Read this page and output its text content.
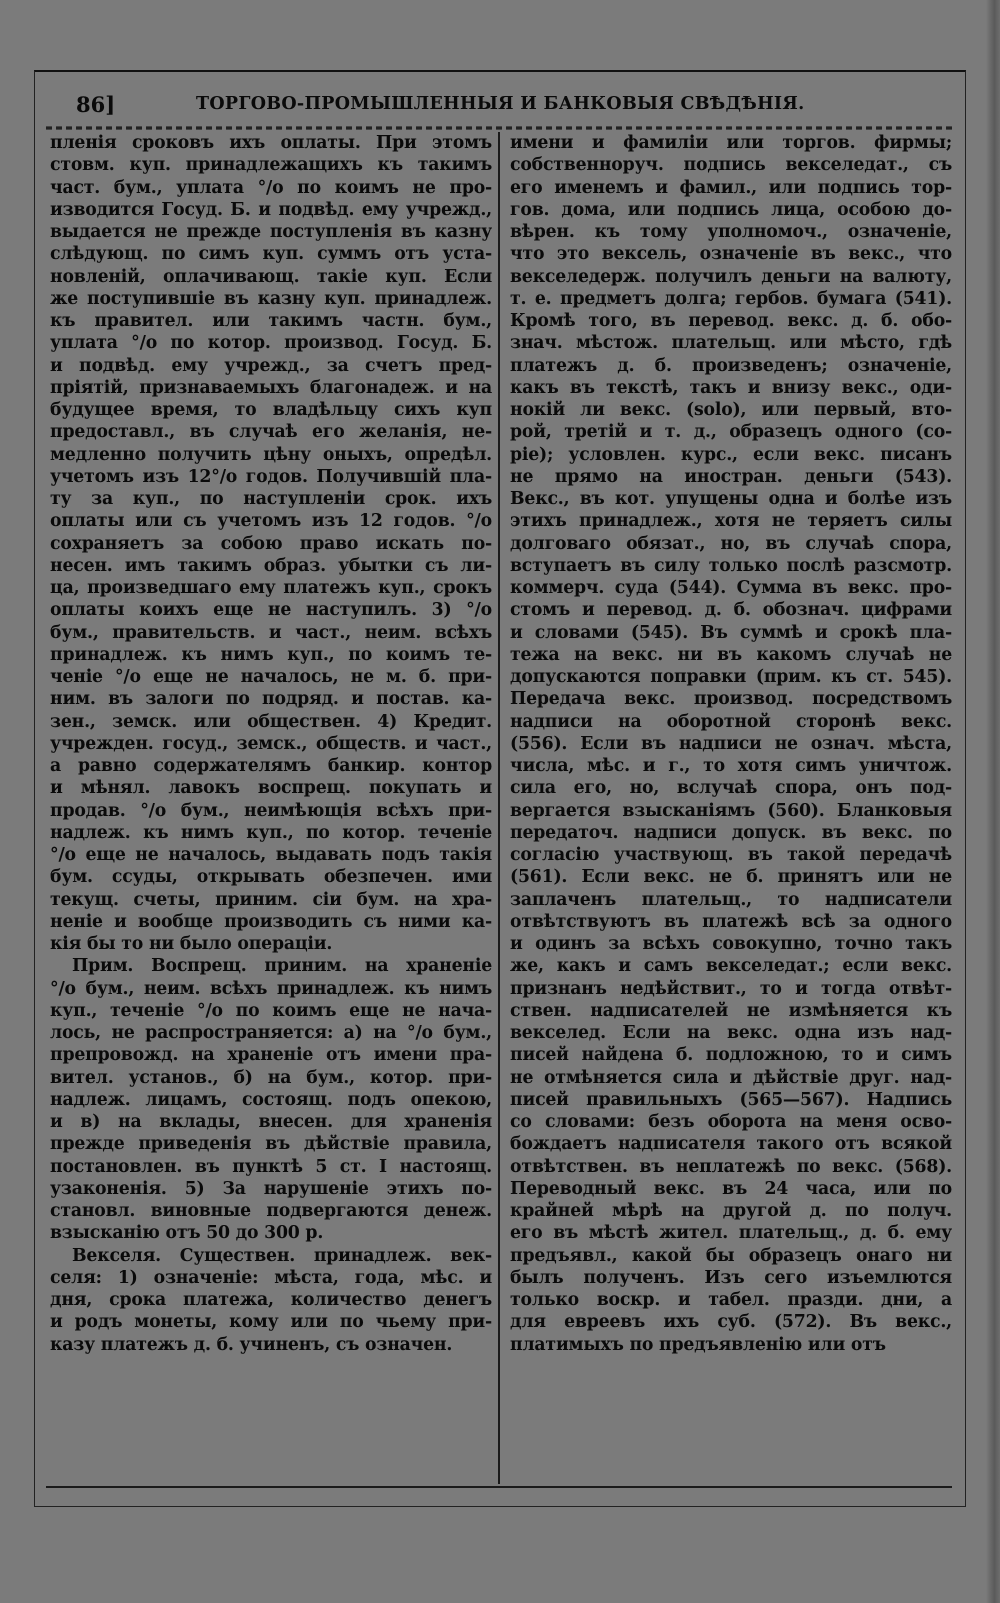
86]	ТОРГОВО-ПРОМЫШЛЕННЫЯ И БАНКОВЫЯ СВѢДѢНІЯ.
пленія сроковъ ихъ оплаты. При этомъ
стовм. куп. принадлежащихъ къ такимъ
част. бум., уплата °/о по коимъ не про-
изводится Госуд. Б. и подвѣд. ему учрежд.,
выдается не прежде поступленія въ казну
слѣдующ. по симъ куп. суммъ отъ уста-
новленій, оплачивающ. такіе куп. Если
же поступившіе въ казну куп. принадлеж.
къ правител. или такимъ частн. бум.,
уплата °/о по котор. производ. Госуд. Б.
и подвѣд. ему учрежд., за счетъ пред-
пріятій, признаваемыхъ благонадеж. и на
будущее время, то владѣльцу сихъ куп
предоставл., въ случаѣ его желанія, не-
медленно получить цѣну оныхъ, опредѣл.
учетомъ изъ 12°/о годов. Получившій пла-
ту за куп., по наступленіи срок. ихъ
оплаты или съ учетомъ изъ 12 годов. °/о
сохраняетъ за собою право искать по-
несен. имъ такимъ образ. убытки съ ли-
ца, произведшаго ему платежъ куп., срокъ
оплаты коихъ еще не наступилъ. 3) °/о
бум., правительств. и част., неим. всѣхъ
принадлеж. къ нимъ куп., по коимъ те-
ченіе °/о еще не началось, не м. б. при-
ним. въ залоги по подряд. и постав. ка-
зен., земск. или обществен. 4) Кредит.
учрежден. госуд., земск., обществ. и част.,
а равно содержателямъ банкир. контор
и мѣнял. лавокъ воспрещ. покупать и
продав. °/о бум., неимѣющія всѣхъ при-
надлеж. къ нимъ куп., по котор. теченіе
°/о еще не началось, выдавать подъ такія
бум. ссуды, открывать обезпечен. ими
текущ. счеты, приним. сіи бум. на хра-
неніе и вообще производить съ ними ка-
кія бы то ни было операціи.
Прим. Воспрещ. приним. на храненіе
°/о бум., неим. всѣхъ принадлеж. къ нимъ
куп., теченіе °/о по коимъ еще не нача-
лось, не распространяется: а) на °/о бум.,
препровожд. на храненіе отъ имени пра-
вител. установ., б) на бум., котор. при-
надлеж. лицамъ, состоящ. подъ опекою,
и в) на вклады, внесен. для храненія
прежде приведенія въ дѣйствіе правила,
постановлен. въ пунктѣ 5 ст. I настоящ.
узаконенія. 5) За нарушеніе этихъ по-
становл. виновные подвергаются денеж.
взысканію отъ 50 до 300 р.
Векселя. Существен. принадлеж. век-
селя: 1) означеніе: мѣста, года, мѣс. и
дня, срока платежа, количество денегъ
и родъ монеты, кому или по чьему при-
казу платежъ д. б. учиненъ, съ означен.
имени и фамиліи или торгов. фирмы;
собственноруч. подпись векселедат., съ
его именемъ и фамил., или подпись тор-
гов. дома, или подпись лица, особою до-
вѣрен. къ тому уполномоч., означеніе,
что это вексель, означеніе въ векс., что
векселедерж. получилъ деньги на валюту,
т. е. предметъ долга; гербов. бумага (541).
Кромѣ того, въ перевод. векс. д. б. обо-
знач. мѣстож. плательщ. или мѣсто, гдѣ
платежъ д. б. произведенъ; означеніе,
какъ въ текстѣ, такъ и внизу векс., оди-
нокій ли векс. (solo), или первый, вто-
рой, третій и т. д., образецъ одного (со-
ріе); условлен. курс., если векс. писанъ
не прямо на иностран. деньги (543).
Векс., въ кот. упущены одна и болѣе изъ
этихъ принадлеж., хотя не теряетъ силы
долговаго обязат., но, въ случаѣ спора,
вступаетъ въ силу только послѣ разсмотр.
коммерч. суда (544). Сумма въ векс. про-
стомъ и перевод. д. б. обознач. цифрами
и словами (545). Въ суммѣ и срокѣ пла-
тежа на векс. ни въ какомъ случаѣ не
допускаются поправки (прим. къ ст. 545).
Передача векс. производ. посредствомъ
надписи на оборотной сторонѣ векс.
(556). Если въ надписи не означ. мѣста,
числа, мѣс. и г., то хотя симъ уничтож.
сила его, но, вслучаѣ спора, онъ под-
вергается взысканіямъ (560). Бланковыя
передаточ. надписи допуск. въ векс. по
согласію участвующ. въ такой передачѣ
(561). Если векс. не б. принятъ или не
заплаченъ плательщ., то надписатели
отвѣтствуютъ въ платежѣ всѣ за одного
и одинъ за всѣхъ совокупно, точно такъ
же, какъ и самъ векселедат.; если векс.
признанъ недѣйствит., то и тогда отвѣт-
ствен. надписателей не измѣняется къ
векселед. Если на векс. одна изъ над-
писей найдена б. подложною, то и симъ
не отмѣняется сила и дѣйствіе друг. над-
писей правильныхъ (565—567). Надпись
со словами: безъ оборота на меня осво-
бождаетъ надписателя такого отъ всякой
отвѣтствен. въ неплатежѣ по векс. (568).
Переводный векс. въ 24 часа, или по
крайней мѣрѣ на другой д. по получ.
его въ мѣстѣ жител. плательщ., д. б. ему
предъявл., какой бы образецъ онаго ни
былъ полученъ. Изъ сего изъемлются
только воскр. и табел. празди. дни, а
для евреевъ ихъ суб. (572). Въ векс.,
платимыхъ по предъявленію или отъ
